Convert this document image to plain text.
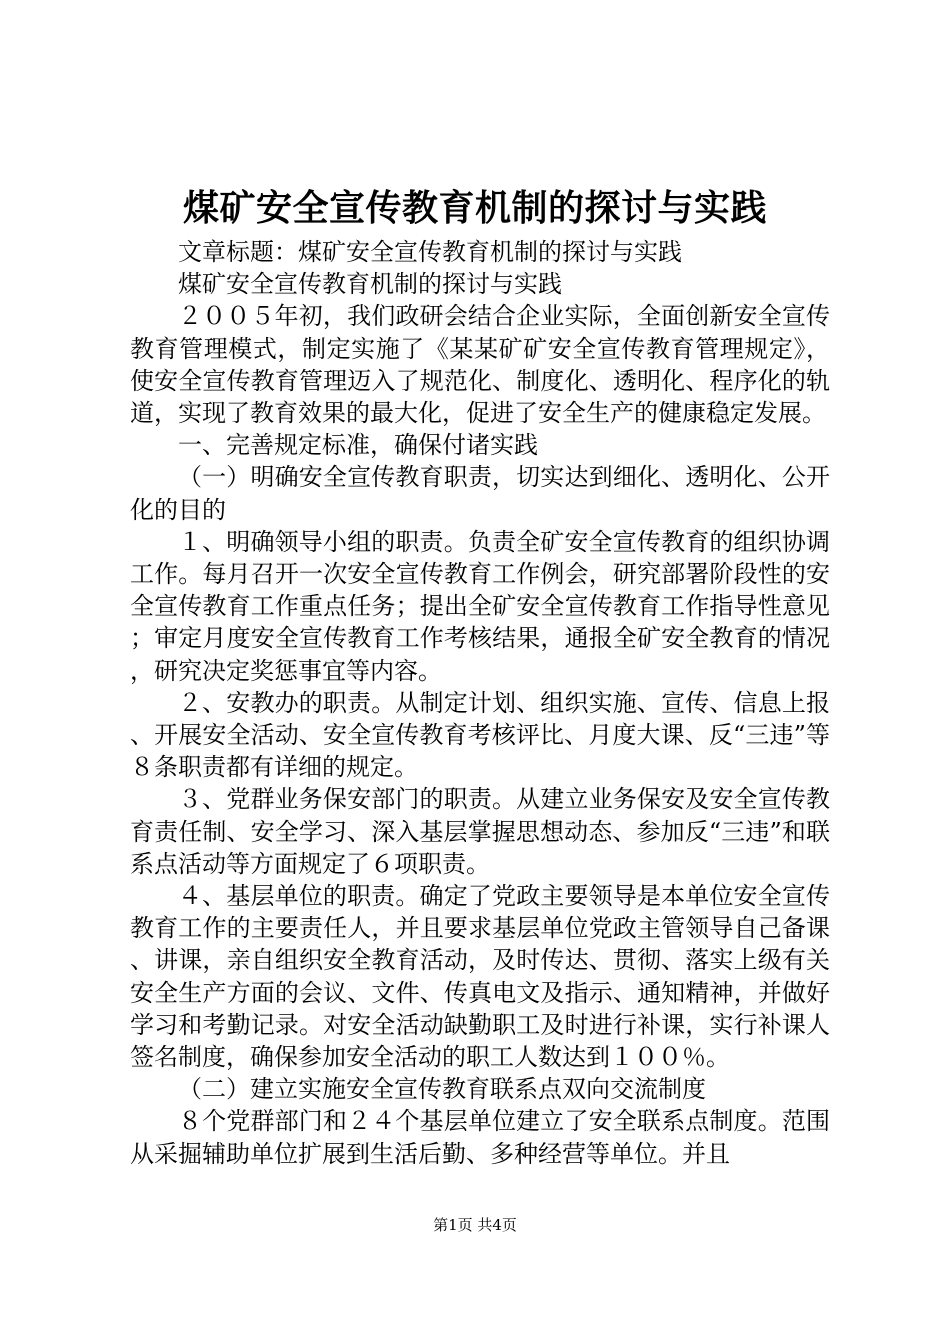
煤矿安全宣传教育机制的探讨与实践

文章标题：煤矿安全宣传教育机制的探讨与实践

煤矿安全宣传教育机制的探讨与实践

２００５年初，我们政研会结合企业实际，全面创新安全宣传教育管理模式，制定实施了《某某矿矿安全宣传教育管理规定》，使安全宣传教育管理迈入了规范化、制度化、透明化、程序化的轨道，实现了教育效果的最大化，促进了安全生产的健康稳定发展。

一、完善规定标准，确保付诸实践

（一）明确安全宣传教育职责，切实达到细化、透明化、公开化的目的

１、明确领导小组的职责。负责全矿安全宣传教育的组织协调工作。每月召开一次安全宣传教育工作例会，研究部署阶段性的安全宣传教育工作重点任务；提出全矿安全宣传教育工作指导性意见；审定月度安全宣传教育工作考核结果，通报全矿安全教育的情况，研究决定奖惩事宜等内容。

２、安教办的职责。从制定计划、组织实施、宣传、信息上报、开展安全活动、安全宣传教育考核评比、月度大课、反“三违”等８条职责都有详细的规定。

３、党群业务保安部门的职责。从建立业务保安及安全宣传教育责任制、安全学习、深入基层掌握思想动态、参加反“三违”和联系点活动等方面规定了６项职责。

４、基层单位的职责。确定了党政主要领导是本单位安全宣传教育工作的主要责任人，并且要求基层单位党政主管领导自己备课、讲课，亲自组织安全教育活动，及时传达、贯彻、落实上级有关安全生产方面的会议、文件、传真电文及指示、通知精神，并做好学习和考勤记录。对安全活动缺勤职工及时进行补课，实行补课人签名制度，确保参加安全活动的职工人数达到１００％。

（二）建立实施安全宣传教育联系点双向交流制度

８个党群部门和２４个基层单位建立了安全联系点制度。范围从采掘辅助单位扩展到生活后勤、多种经营等单位。并且

第1页 共4页
